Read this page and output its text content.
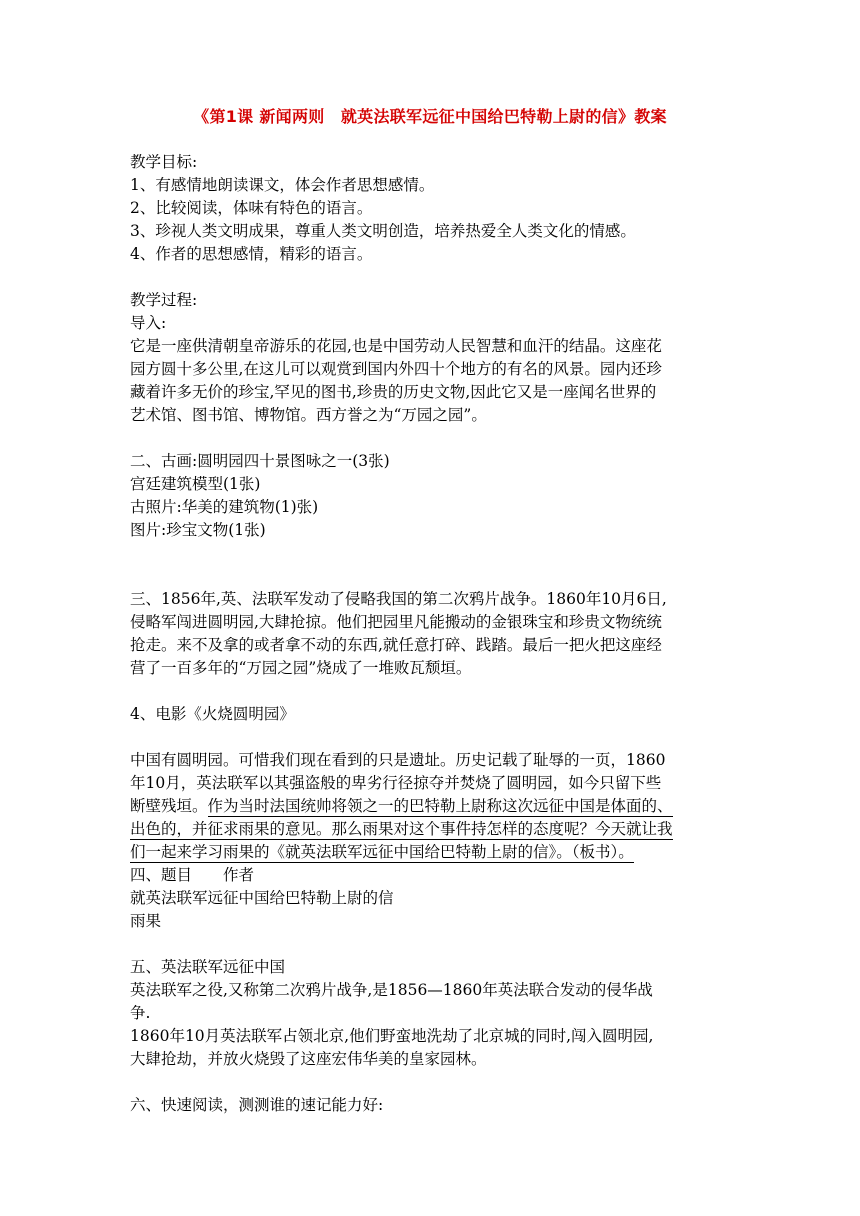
《第1课 新闻两则　就英法联军远征中国给巴特勒上尉的信》教案
教学目标:
1、有感情地朗读课文，体会作者思想感情。
2、比较阅读，体味有特色的语言。
3、珍视人类文明成果，尊重人类文明创造，培养热爱全人类文化的情感。
4、作者的思想感情，精彩的语言。
教学过程:
导入:
它是一座供清朝皇帝游乐的花园,也是中国劳动人民智慧和血汗的结晶。这座花
园方圆十多公里,在这儿可以观赏到国内外四十个地方的有名的风景。园内还珍
藏着许多无价的珍宝,罕见的图书,珍贵的历史文物,因此它又是一座闻名世界的
艺术馆、图书馆、博物馆。西方誉之为“万园之园”。
二、古画:圆明园四十景图咏之一(3张)
宫廷建筑模型(1张)
古照片:华美的建筑物(1)张)
图片:珍宝文物(1张)
三、1856年,英、法联军发动了侵略我国的第二次鸦片战争。1860年10月6日,
侵略军闯进圆明园,大肆抢掠。他们把园里凡能搬动的金银珠宝和珍贵文物统统
抢走。来不及拿的或者拿不动的东西,就任意打碎、践踏。最后一把火把这座经
营了一百多年的“万园之园”烧成了一堆败瓦颓垣。
4、电影《火烧圆明园》
中国有圆明园。可惜我们现在看到的只是遗址。历史记载了耻辱的一页，1860
年10月，英法联军以其强盗般的卑劣行径掠夺并焚烧了圆明园，如今只留下些
断壁残垣。作为当时法国统帅将领之一的巴特勒上尉称这次远征中国是体面的、
出色的，并征求雨果的意见。那么雨果对这个事件持怎样的态度呢？今天就让我
们一起来学习雨果的《就英法联军远征中国给巴特勒上尉的信》。（板书）。
四、题目　　作者
就英法联军远征中国给巴特勒上尉的信
雨果
五、英法联军远征中国
英法联军之役,又称第二次鸦片战争,是1856—1860年英法联合发动的侵华战
争.
1860年10月英法联军占领北京,他们野蛮地洗劫了北京城的同时,闯入圆明园,
大肆抢劫，并放火烧毁了这座宏伟华美的皇家园林。
六、快速阅读，测测谁的速记能力好:
